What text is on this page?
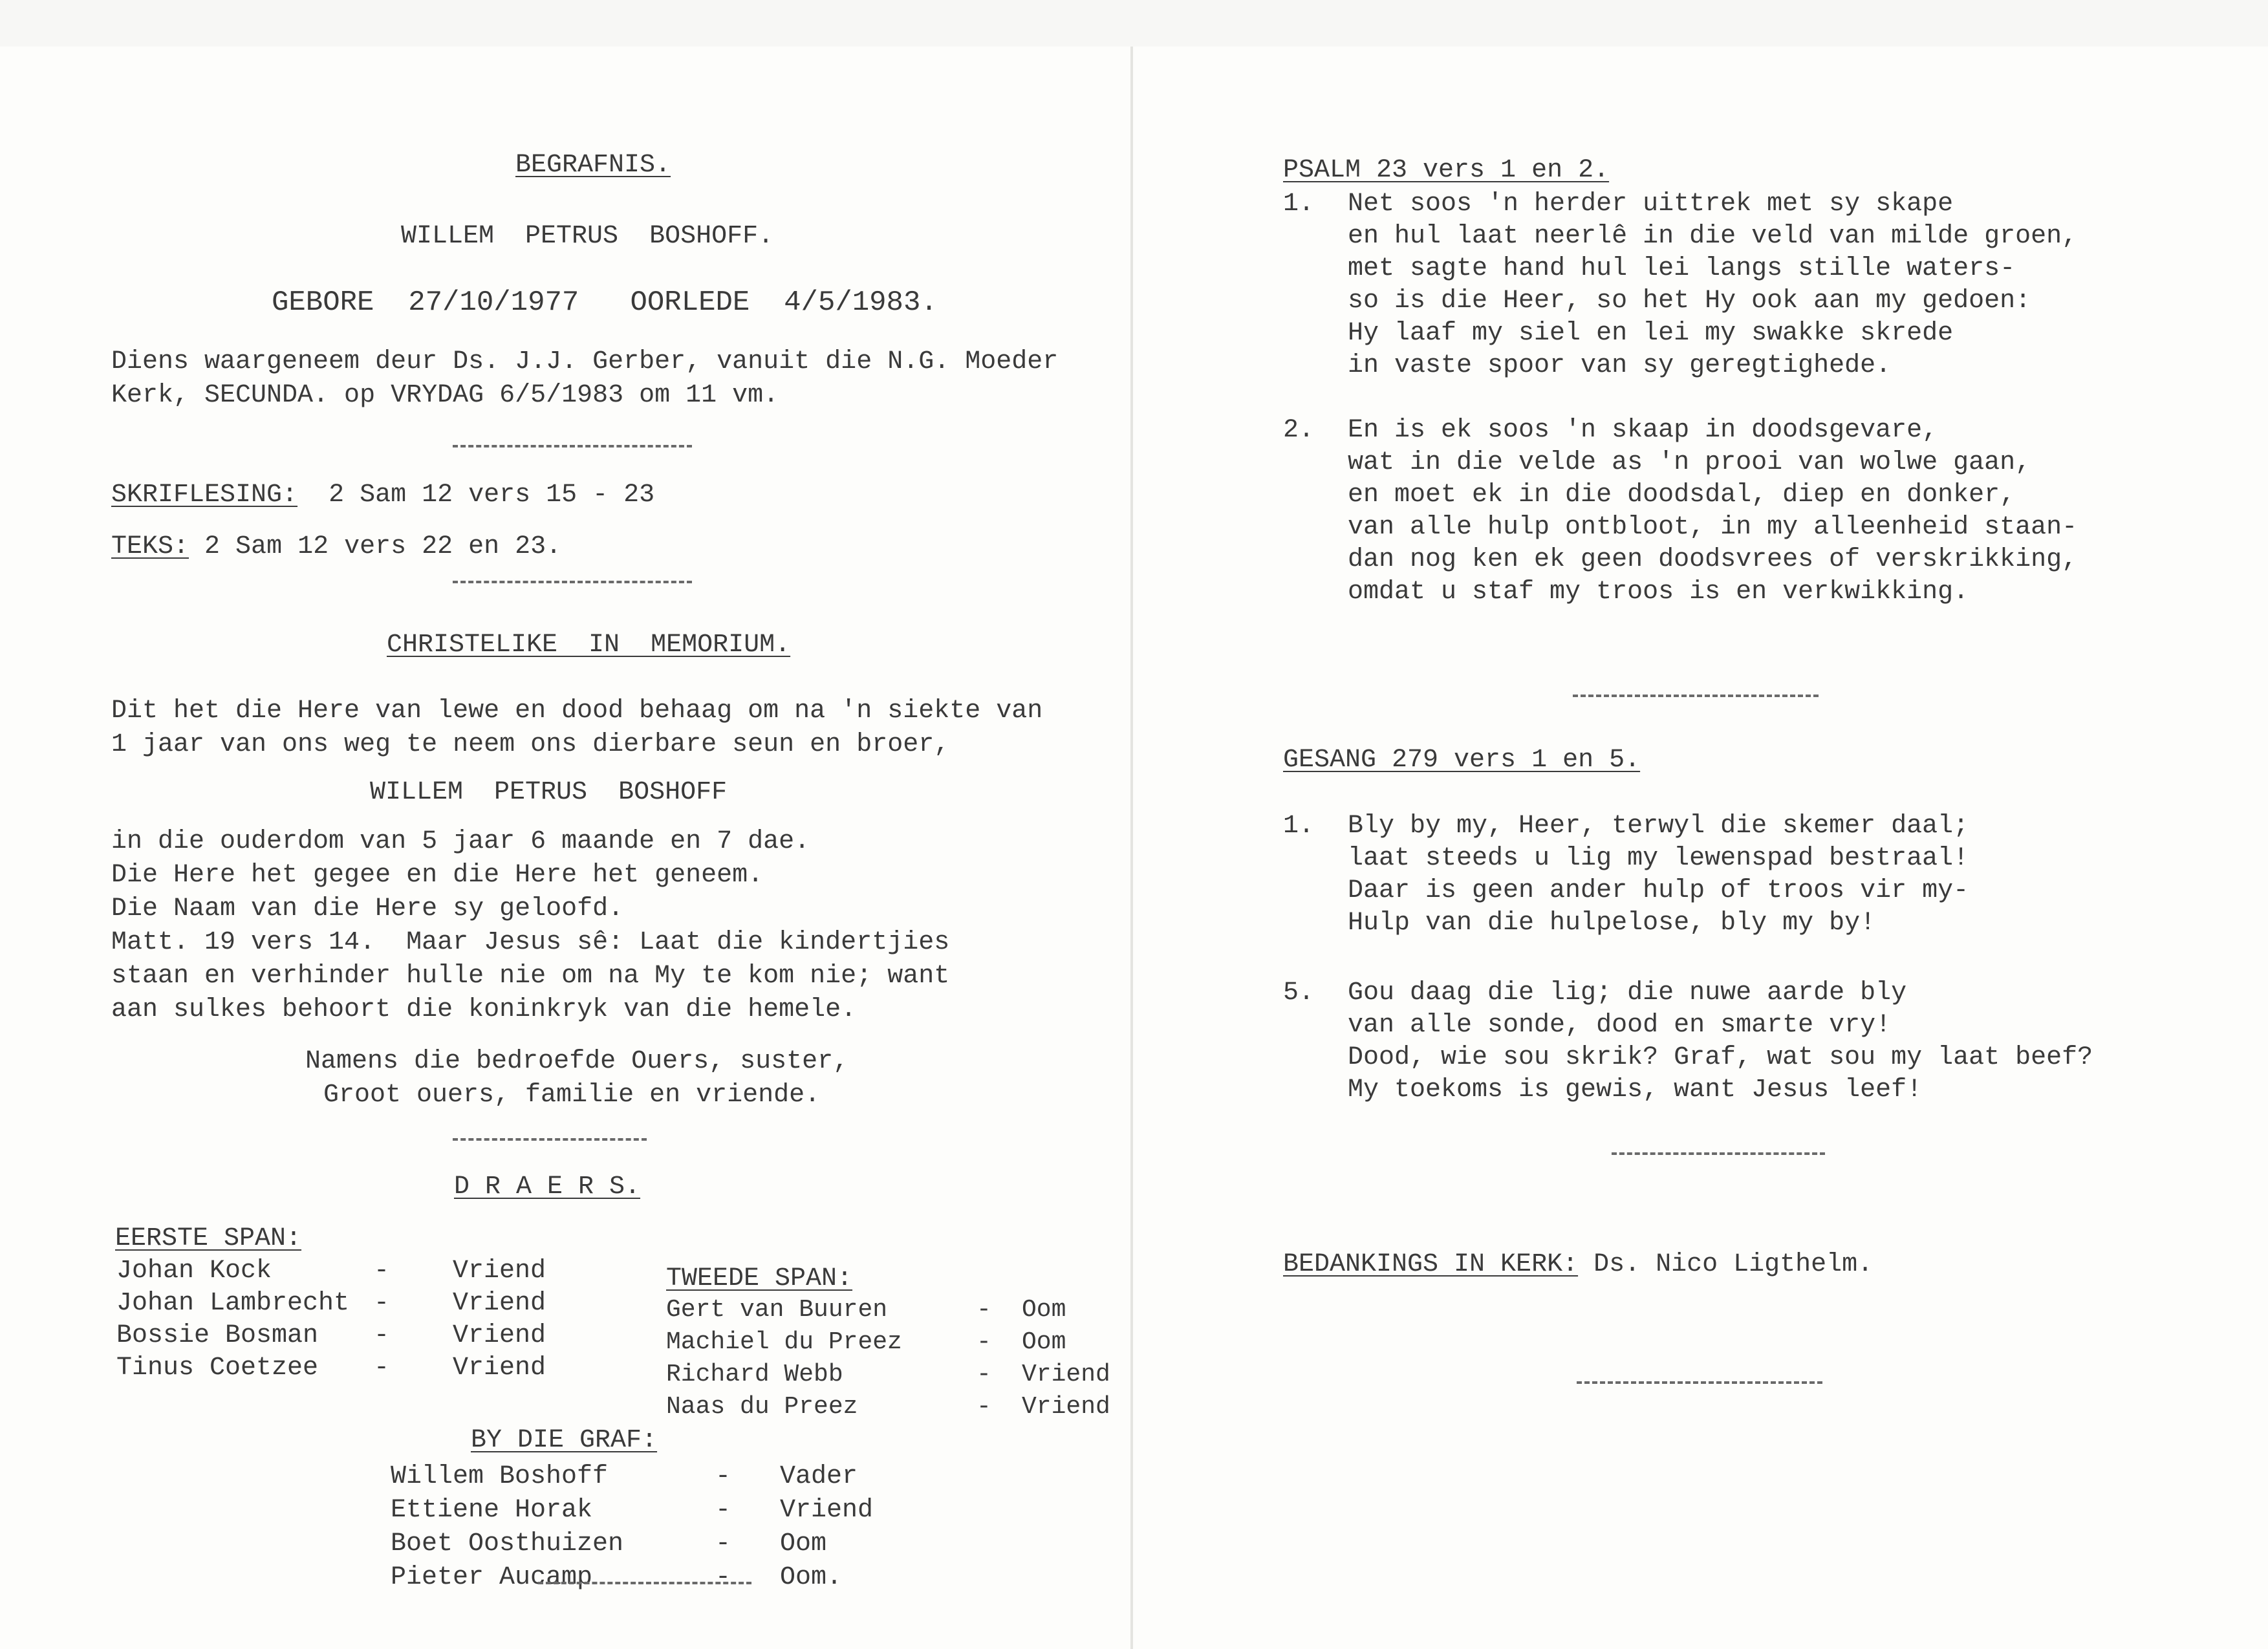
BEGRAFNIS.
WILLEM  PETRUS  BOSHOFF.
GEBORE  27/10/1977   OORLEDE  4/5/1983.
Diens waargeneem deur Ds. J.J. Gerber, vanuit die N.G. Moeder
Kerk, SECUNDA. op VRYDAG 6/5/1983 om 11 vm.
SKRIFLESING: 2 Sam 12 vers 15 - 23
TEKS: 2 Sam 12 vers 22 en 23.
CHRISTELIKE  IN  MEMORIUM.
Dit het die Here van lewe en dood behaag om na 'n siekte van
1 jaar van ons weg te neem ons dierbare seun en broer,
WILLEM  PETRUS  BOSHOFF
in die ouderdom van 5 jaar 6 maande en 7 dae.
Die Here het gegee en die Here het geneem.
Die Naam van die Here sy geloofd.
Matt. 19 vers 14.  Maar Jesus sê: Laat die kindertjies
staan en verhinder hulle nie om na My te kom nie; want
aan sulkes behoort die koninkryk van die hemele.
Namens die bedroefde Ouers, suster,
Groot ouers, familie en vriende.
D R A E R S.
EERSTE SPAN:
Johan Kock	- Vriend
Johan Lambrecht - Vriend
Bossie Bosman - Vriend
Tinus Coetzee - Vriend
TWEEDE SPAN:
Gert van Buuren	- Oom
Machiel du Preez	- Oom
Richard Webb	- Vriend
Naas du Preez	- Vriend
BY DIE GRAF:
Willem Boshoff	- Vader
Ettiene Horak	- Vriend
Boet Oosthuizen	- Oom
Pieter Aucamp	- Oom.
PSALM 23 vers 1 en 2.
1. Net soos 'n herder uittrek met sy skape
en hul laat neerlê in die veld van milde groen,
met sagte hand hul lei langs stille waters-
so is die Heer, so het Hy ook aan my gedoen:
Hy laaf my siel en lei my swakke skrede
in vaste spoor van sy geregtighede.
2. En is ek soos 'n skaap in doodsgevare,
wat in die velde as 'n prooi van wolwe gaan,
en moet ek in die doodsdal, diep en donker,
van alle hulp ontbloot, in my alleenheid staan-
dan nog ken ek geen doodsvrees of verskrikking,
omdat u staf my troos is en verkwikking.
GESANG 279 vers 1 en 5.
1. Bly by my, Heer, terwyl die skemer daal;
laat steeds u lig my lewenspad bestraal!
Daar is geen ander hulp of troos vir my-
Hulp van die hulpelose, bly my by!
5. Gou daag die lig; die nuwe aarde bly
van alle sonde, dood en smarte vry!
Dood, wie sou skrik? Graf, wat sou my laat beef?
My toekoms is gewis, want Jesus leef!
BEDANKINGS IN KERK: Ds. Nico Ligthelm.
